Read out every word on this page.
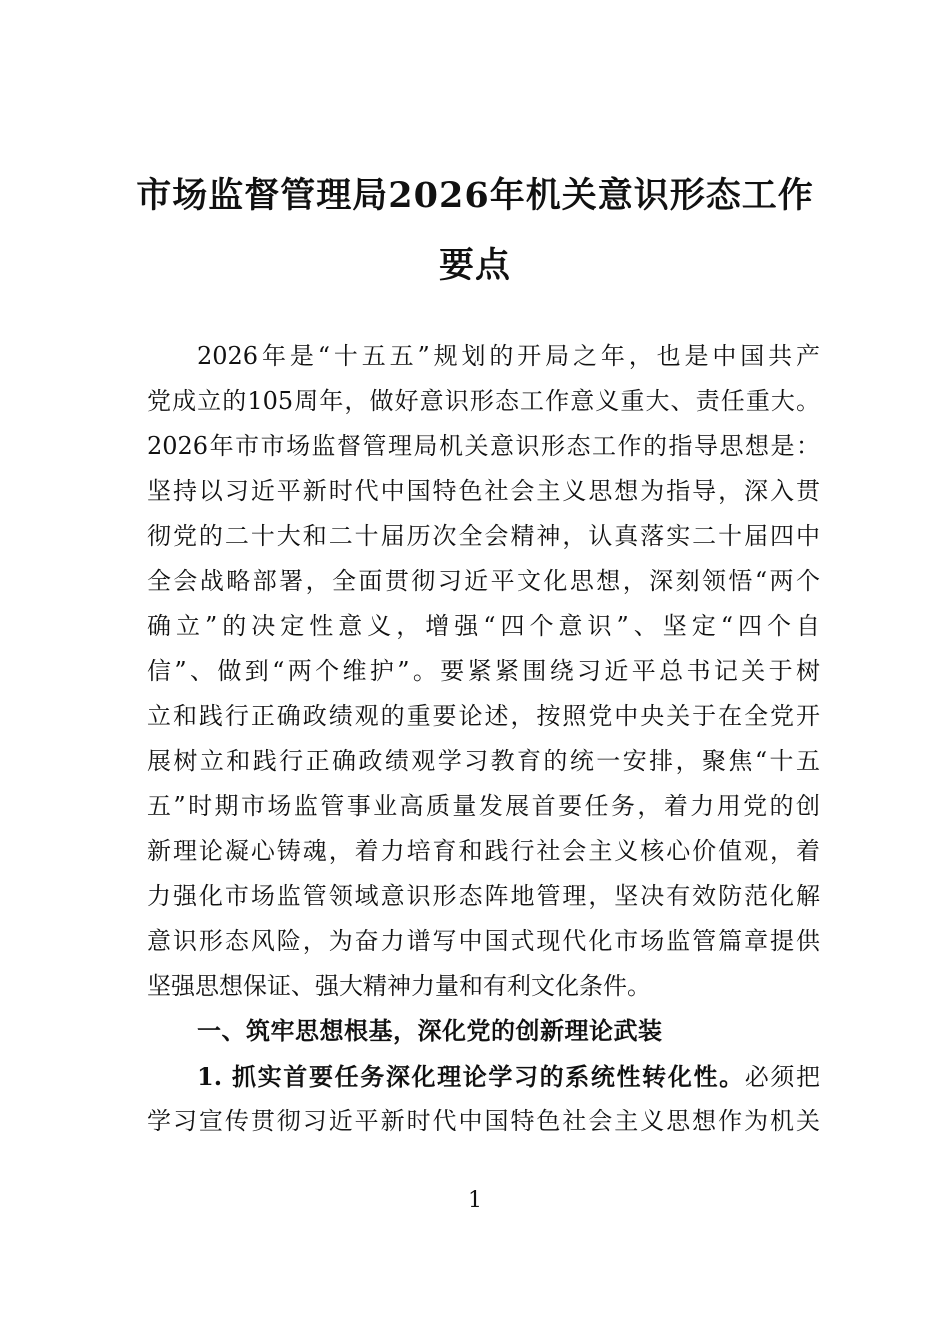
市场监督管理局2026年机关意识形态工作
要点
2026年是“十五五”规划的开局之年，也是中国共产
党成立的105周年，做好意识形态工作意义重大、责任重大。
2026年市市场监督管理局机关意识形态工作的指导思想是：
坚持以习近平新时代中国特色社会主义思想为指导，深入贯
彻党的二十大和二十届历次全会精神，认真落实二十届四中
全会战略部署，全面贯彻习近平文化思想，深刻领悟“两个
确立”的决定性意义，增强“四个意识”、坚定“四个自
信”、做到“两个维护”。要紧紧围绕习近平总书记关于树
立和践行正确政绩观的重要论述，按照党中央关于在全党开
展树立和践行正确政绩观学习教育的统一安排，聚焦“十五
五”时期市场监管事业高质量发展首要任务，着力用党的创
新理论凝心铸魂，着力培育和践行社会主义核心价值观，着
力强化市场监管领域意识形态阵地管理，坚决有效防范化解
意识形态风险，为奋力谱写中国式现代化市场监管篇章提供
坚强思想保证、强大精神力量和有利文化条件。
一、筑牢思想根基，深化党的创新理论武装
1. 抓实首要任务深化理论学习的系统性转化性。必须把
学习宣传贯彻习近平新时代中国特色社会主义思想作为机关
1
